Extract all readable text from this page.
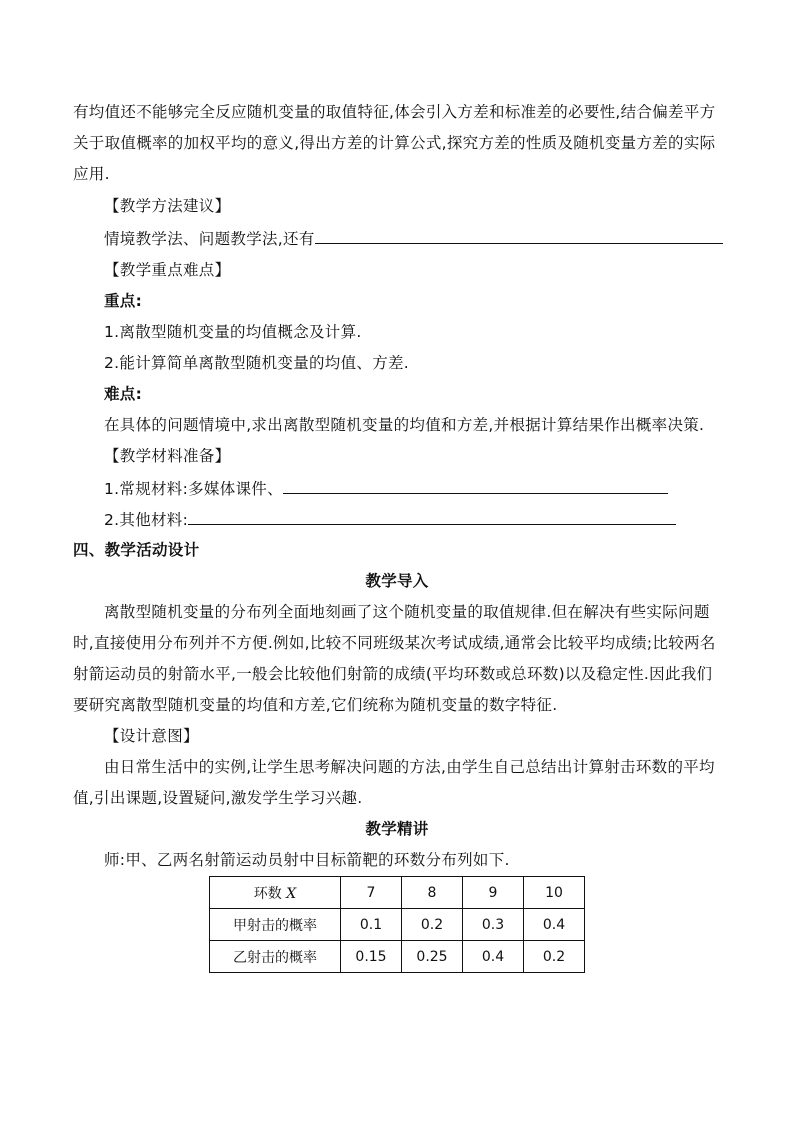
有均值还不能够完全反应随机变量的取值特征,体会引入方差和标准差的必要性,结合偏差平方
关于取值概率的加权平均的意义,得出方差的计算公式,探究方差的性质及随机变量方差的实际
应用.
【教学方法建议】
情境教学法、问题教学法,还有
【教学重点难点】
重点:
1.离散型随机变量的均值概念及计算.
2.能计算简单离散型随机变量的均值、方差.
难点:
在具体的问题情境中,求出离散型随机变量的均值和方差,并根据计算结果作出概率决策.
【教学材料准备】
1.常规材料:多媒体课件、
2.其他材料:
四、教学活动设计
教学导入
离散型随机变量的分布列全面地刻画了这个随机变量的取值规律.但在解决有些实际问题
时,直接使用分布列并不方便.例如,比较不同班级某次考试成绩,通常会比较平均成绩;比较两名
射箭运动员的射箭水平,一般会比较他们射箭的成绩(平均环数或总环数)以及稳定性.因此我们
要研究离散型随机变量的均值和方差,它们统称为随机变量的数字特征.
【设计意图】
由日常生活中的实例,让学生思考解决问题的方法,由学生自己总结出计算射击环数的平均
值,引出课题,设置疑问,激发学生学习兴趣.
教学精讲
师:甲、乙两名射箭运动员射中目标箭靶的环数分布列如下.
环数 X	7	8	9	10
甲射击的概率	0.1	0.2	0.3	0.4
乙射击的概率	0.15	0.25	0.4	0.2
